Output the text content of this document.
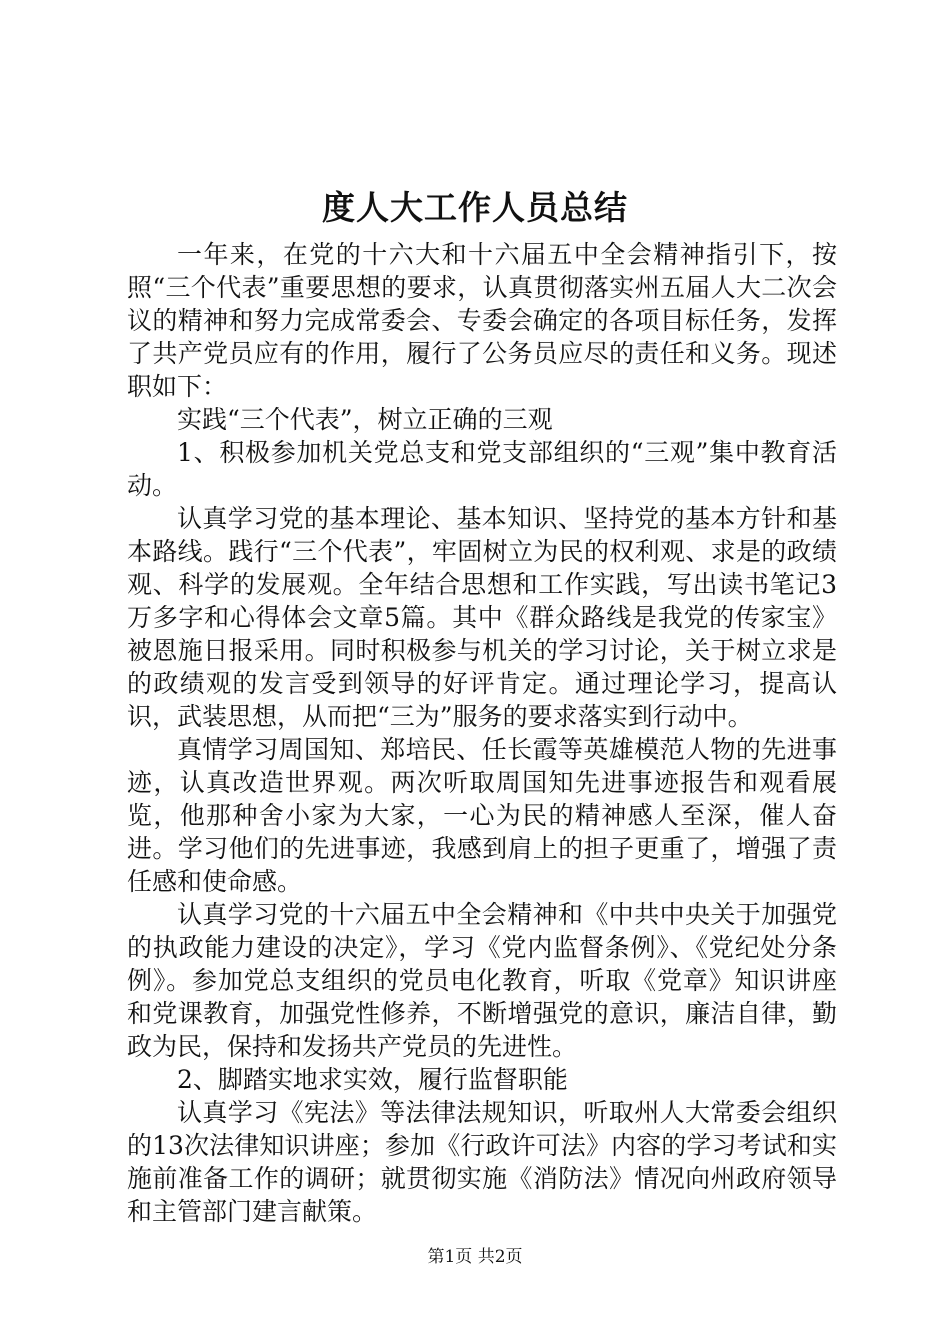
度人大工作人员总结

一年来，在党的十六大和十六届五中全会精神指引下，按照“三个代表”重要思想的要求，认真贯彻落实州五届人大二次会议的精神和努力完成常委会、专委会确定的各项目标任务，发挥了共产党员应有的作用，履行了公务员应尽的责任和义务。现述职如下：

实践“三个代表”，树立正确的三观

1、积极参加机关党总支和党支部组织的“三观”集中教育活动。

认真学习党的基本理论、基本知识、坚持党的基本方针和基本路线。践行“三个代表”，牢固树立为民的权利观、求是的政绩观、科学的发展观。全年结合思想和工作实践，写出读书笔记3万多字和心得体会文章5篇。其中《群众路线是我党的传家宝》被恩施日报采用。同时积极参与机关的学习讨论，关于树立求是的政绩观的发言受到领导的好评肯定。通过理论学习，提高认识，武装思想，从而把“三为”服务的要求落实到行动中。

真情学习周国知、郑培民、任长霞等英雄模范人物的先进事迹，认真改造世界观。两次听取周国知先进事迹报告和观看展览，他那种舍小家为大家，一心为民的精神感人至深，催人奋进。学习他们的先进事迹，我感到肩上的担子更重了，增强了责任感和使命感。

认真学习党的十六届五中全会精神和《中共中央关于加强党的执政能力建设的决定》，学习《党内监督条例》、《党纪处分条例》。参加党总支组织的党员电化教育，听取《党章》知识讲座和党课教育，加强党性修养，不断增强党的意识，廉洁自律，勤政为民，保持和发扬共产党员的先进性。

2、脚踏实地求实效，履行监督职能

认真学习《宪法》等法律法规知识，听取州人大常委会组织的13次法律知识讲座；参加《行政许可法》内容的学习考试和实施前准备工作的调研；就贯彻实施《消防法》情况向州政府领导和主管部门建言献策。

第1页 共2页
